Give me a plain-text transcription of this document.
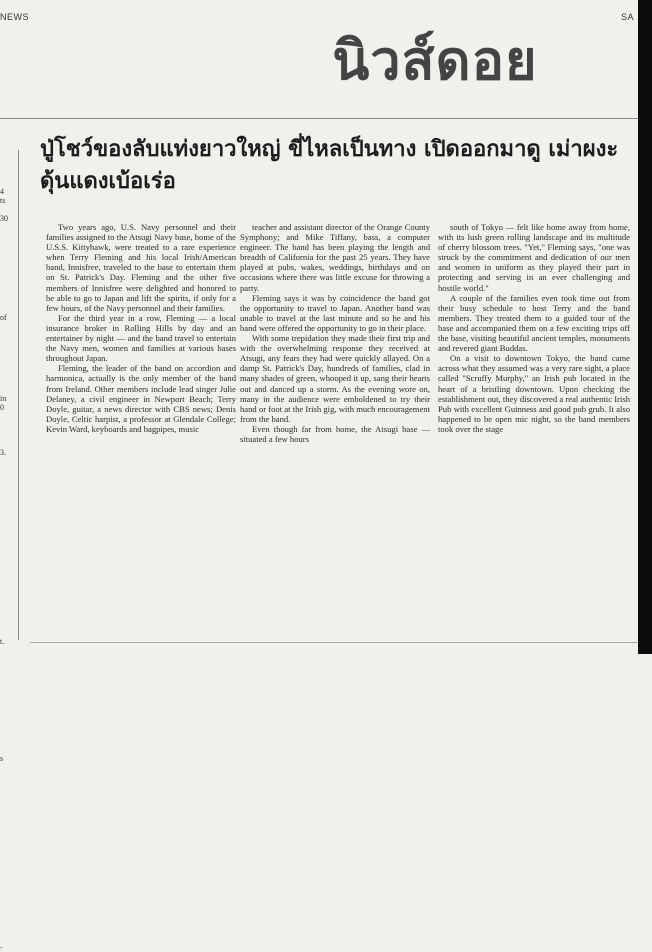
NEWS	SA
นิวส์ดอย
4
ts
30
of
in
0
3.
t.
s
-
ปู่โชว์ของลับแท่งยาวใหญ่ ขี่ไหลเป็นทาง เปิดออกมาดู เม่าผงะ ดุ้นแดงเบ้อเร่อ

Two years ago, U.S. Navy personnel and their families assigned to the Atsugi Navy base, home of the U.S.S. Kittyhawk, were treated to a rare experience when Terry Fleming and his local Irish/American band, Innisfree, traveled to the base to entertain them on St. Patrick's Day. Fleming and the other five members of Innisfree were delighted and honored to be able to go to Japan and lift the spirits, if only for a few hours, of the Navy personnel and their families.

For the third year in a row, Fleming — a local insurance broker in Rolling Hills by day and an entertainer by night — and the band travel to entertain the Navy men, women and families at various bases throughout Japan.

Fleming, the leader of the band on accordion and harmonica, actually is the only member of the band from Ireland. Other members include lead singer Julie Delaney, a civil engineer in Newport Beach; Terry Doyle, guitar, a news director with CBS news; Denis Doyle, Celtic harpist, a professor at Glendale College; Kevin Ward, keyboards and bagpipes, music

teacher and assistant director of the Orange County Symphony; and Mike Tiffany, bass, a computer engineer. The band has been playing the length and breadth of California for the past 25 years. They have played at pubs, wakes, weddings, birthdays and on occasions where there was little excuse for throwing a party.

Fleming says it was by coincidence the band got the opportunity to travel to Japan. Another band was unable to travel at the last minute and so he and his band were offered the opportunity to go in their place.

With some trepidation they made their first trip and with the overwhelming response they received at Atsugi, any fears they had were quickly allayed. On a damp St. Patrick's Day, hundreds of families, clad in many shades of green, whooped it up, sang their hearts out and danced up a storm. As the evening wore on, many in the audience were emboldened to try their hand or foot at the Irish gig, with much encouragement from the band.

Even though far from home, the Atsugi base — situated a few hours

south of Tokyo — felt like home away from home, with its lush green rolling landscape and its multitude of cherry blossom trees. "Yet," Fleming says, "one was struck by the commitment and dedication of our men and women in uniform as they played their part in protecting and serving in an ever challenging and hostile world."

A couple of the families even took time out from their busy schedule to host Terry and the band members. They treated them to a guided tour of the base and accompanied them on a few exciting trips off the base, visiting beautiful ancient temples, monuments and revered giant Buddas.

On a visit to downtown Tokyo, the band came across what they assumed was a very rare sight, a place called "Scruffy Murphy," an Irish pub located in the heart of a bristling downtown. Upon checking the establishment out, they discovered a real authentic Irish Pub with excellent Guinness and good pub grub. It also happened to be open mic night, so the band members took over the stage
